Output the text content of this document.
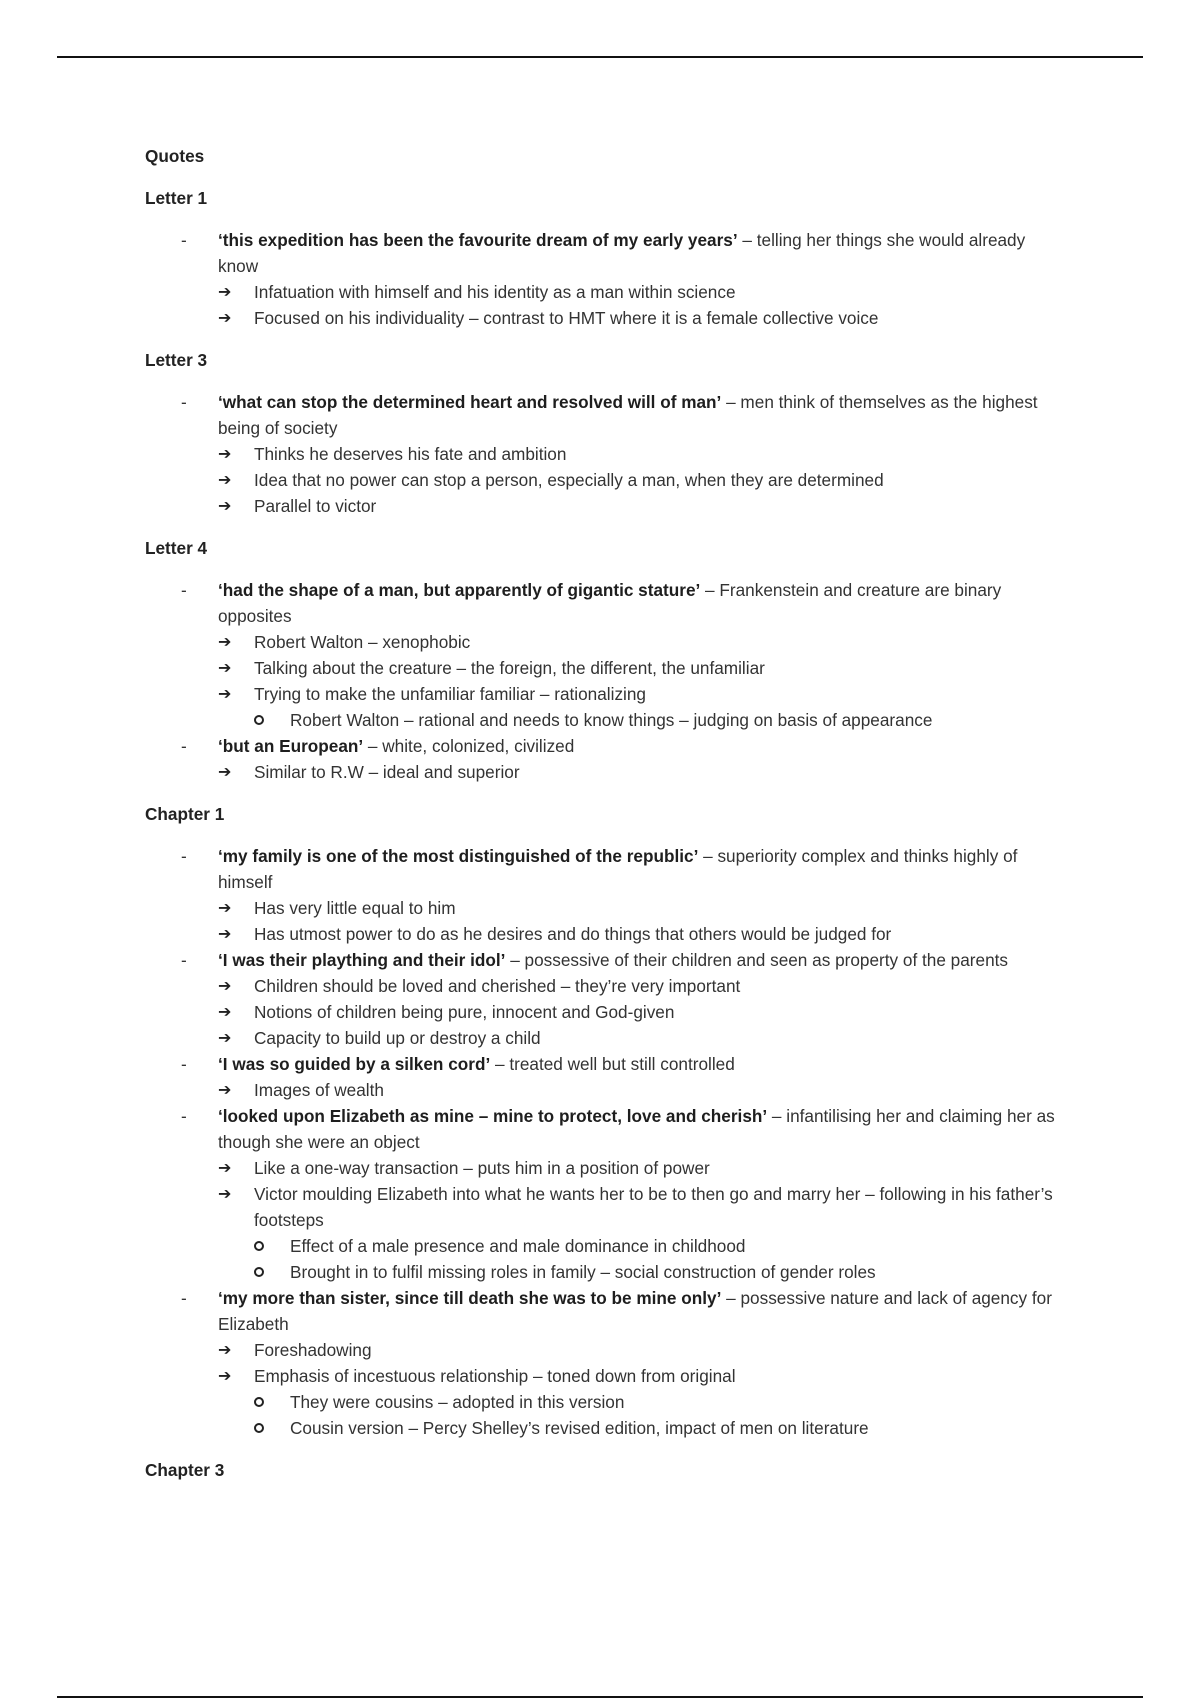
Quotes
Letter 1
- ‘this expedition has been the favourite dream of my early years’ – telling her things she would already know
➔ Infatuation with himself and his identity as a man within science
➔ Focused on his individuality – contrast to HMT where it is a female collective voice
Letter 3
- ‘what can stop the determined heart and resolved will of man’ – men think of themselves as the highest being of society
➔ Thinks he deserves his fate and ambition
➔ Idea that no power can stop a person, especially a man, when they are determined
➔ Parallel to victor
Letter 4
- ‘had the shape of a man, but apparently of gigantic stature’ – Frankenstein and creature are binary opposites
➔ Robert Walton – xenophobic
➔ Talking about the creature – the foreign, the different, the unfamiliar
➔ Trying to make the unfamiliar familiar – rationalizing
Robert Walton – rational and needs to know things – judging on basis of appearance
- ‘but an European’ – white, colonized, civilized
➔ Similar to R.W – ideal and superior
Chapter 1
- ‘my family is one of the most distinguished of the republic’ – superiority complex and thinks highly of himself
➔ Has very little equal to him
➔ Has utmost power to do as he desires and do things that others would be judged for
- ‘I was their plaything and their idol’ – possessive of their children and seen as property of the parents
➔ Children should be loved and cherished – they’re very important
➔ Notions of children being pure, innocent and God-given
➔ Capacity to build up or destroy a child
- ‘I was so guided by a silken cord’ – treated well but still controlled
➔ Images of wealth
- ‘looked upon Elizabeth as mine – mine to protect, love and cherish’ – infantilising her and claiming her as though she were an object
➔ Like a one-way transaction – puts him in a position of power
➔ Victor moulding Elizabeth into what he wants her to be to then go and marry her – following in his father’s footsteps
Effect of a male presence and male dominance in childhood
Brought in to fulfil missing roles in family – social construction of gender roles
- ‘my more than sister, since till death she was to be mine only’ – possessive nature and lack of agency for Elizabeth
➔ Foreshadowing
➔ Emphasis of incestuous relationship – toned down from original
They were cousins – adopted in this version
Cousin version – Percy Shelley’s revised edition, impact of men on literature
Chapter 3
